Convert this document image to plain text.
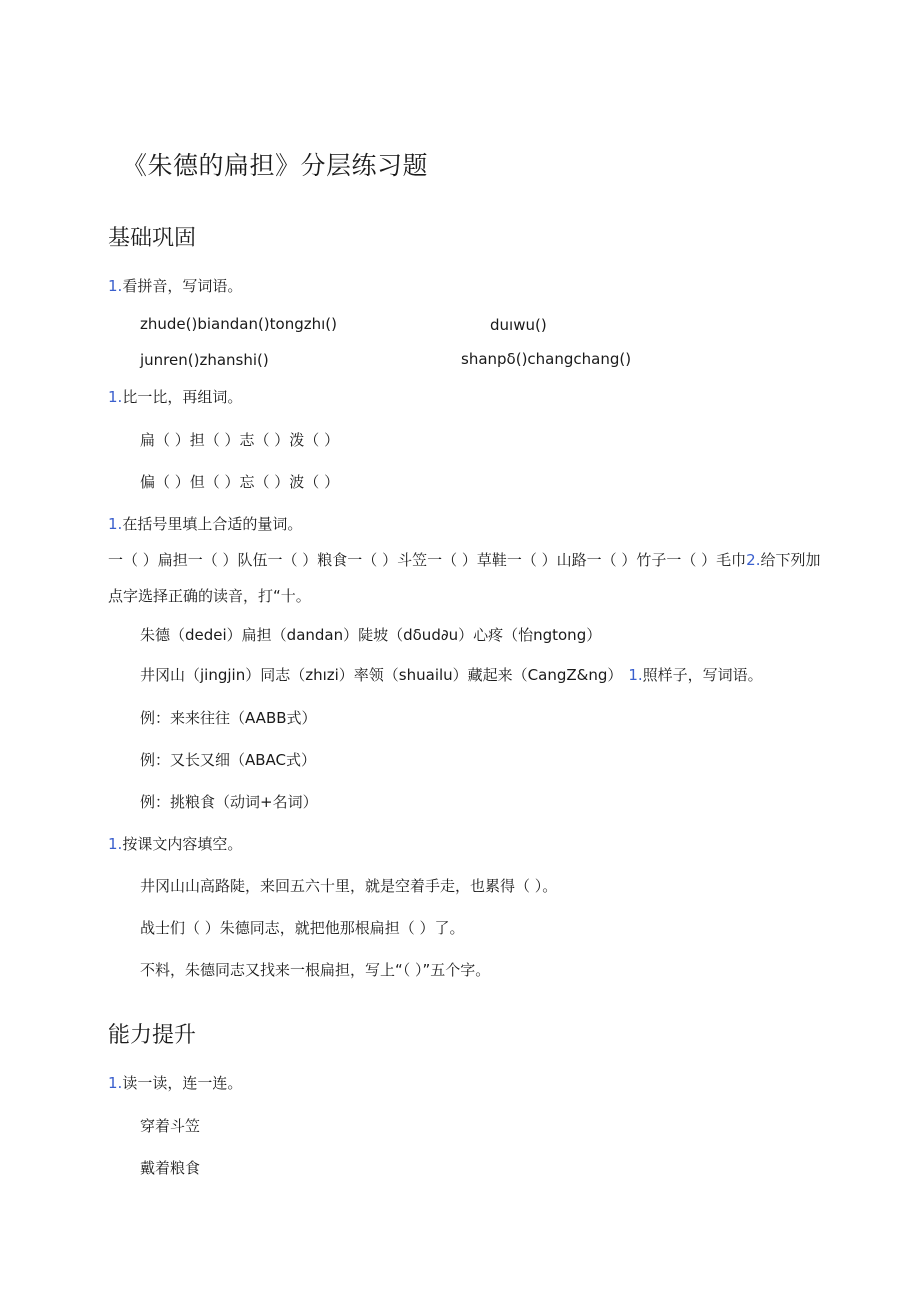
《朱德的扁担》分层练习题
基础巩固
1.看拼音，写词语。
zhude()biandan()tongzhı()	duıwu()
junren()zhanshi()	shanpδ()changchang()
1.比一比，再组词。
扁（ ）担（ ）志（ ）泼（ ）
偏（ ）但（ ）忘（ ）波（ ）
1.在括号里填上合适的量词。
一（ ）扁担一（ ）队伍一（ ）粮食一（ ）斗笠一（ ）草鞋一（ ）山路一（ ）竹子一（ ）毛巾2.给下列加
点字选择正确的读音，打“十。
朱德（dedei）扁担（dandan）陡坡（dδud∂u）心疼（怡ngtong）
井冈山（jingjin）同志（zhızi）率领（shuailu）藏起来（CangZ&ng） 1.照样子，写词语。
例：来来往往（AABB式）
例：又长又细（ABAC式）
例：挑粮食（动词+名词）
1.按课文内容填空。
井冈山山高路陡，来回五六十里，就是空着手走，也累得（ ）。
战士们（ ）朱德同志，就把他那根扁担（ ）了。
不料，朱德同志又找来一根扁担，写上“（ ）”五个字。
能力提升
1.读一读，连一连。
穿着斗笠
戴着粮食
